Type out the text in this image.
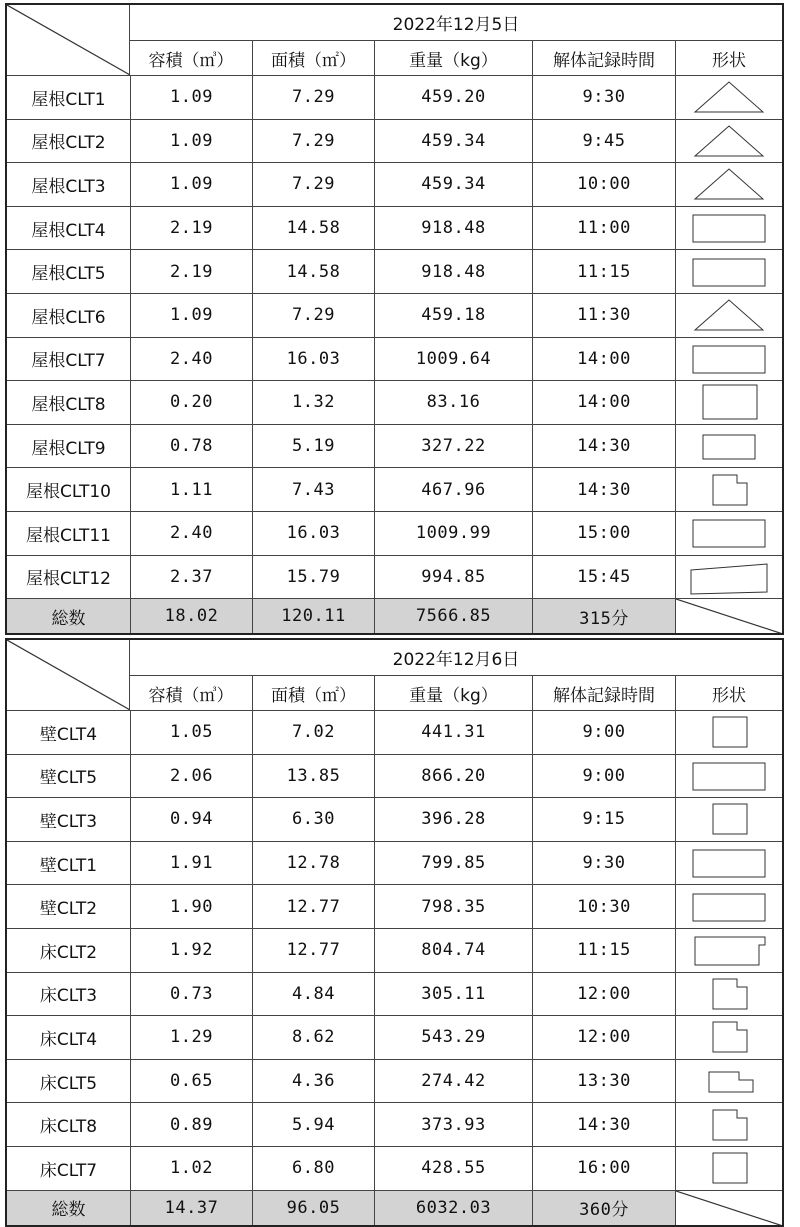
2022年12月5日
容積（㎥）	面積（㎡）	重量（kg）	解体記録時間	形状
屋根CLT1	1.09	7.29	459.20	9:30
屋根CLT2	1.09	7.29	459.34	9:45
屋根CLT3	1.09	7.29	459.34	10:00
屋根CLT4	2.19	14.58	918.48	11:00
屋根CLT5	2.19	14.58	918.48	11:15
屋根CLT6	1.09	7.29	459.18	11:30
屋根CLT7	2.40	16.03	1009.64	14:00
屋根CLT8	0.20	1.32	83.16	14:00
屋根CLT9	0.78	5.19	327.22	14:30
屋根CLT10	1.11	7.43	467.96	14:30
屋根CLT11	2.40	16.03	1009.99	15:00
屋根CLT12	2.37	15.79	994.85	15:45
総数	18.02	120.11	7566.85	315分
2022年12月6日
容積（㎥）	面積（㎡）	重量（kg）	解体記録時間	形状
壁CLT4	1.05	7.02	441.31	9:00
壁CLT5	2.06	13.85	866.20	9:00
壁CLT3	0.94	6.30	396.28	9:15
壁CLT1	1.91	12.78	799.85	9:30
壁CLT2	1.90	12.77	798.35	10:30
床CLT2	1.92	12.77	804.74	11:15
床CLT3	0.73	4.84	305.11	12:00
床CLT4	1.29	8.62	543.29	12:00
床CLT5	0.65	4.36	274.42	13:30
床CLT8	0.89	5.94	373.93	14:30
床CLT7	1.02	6.80	428.55	16:00
総数	14.37	96.05	6032.03	360分
